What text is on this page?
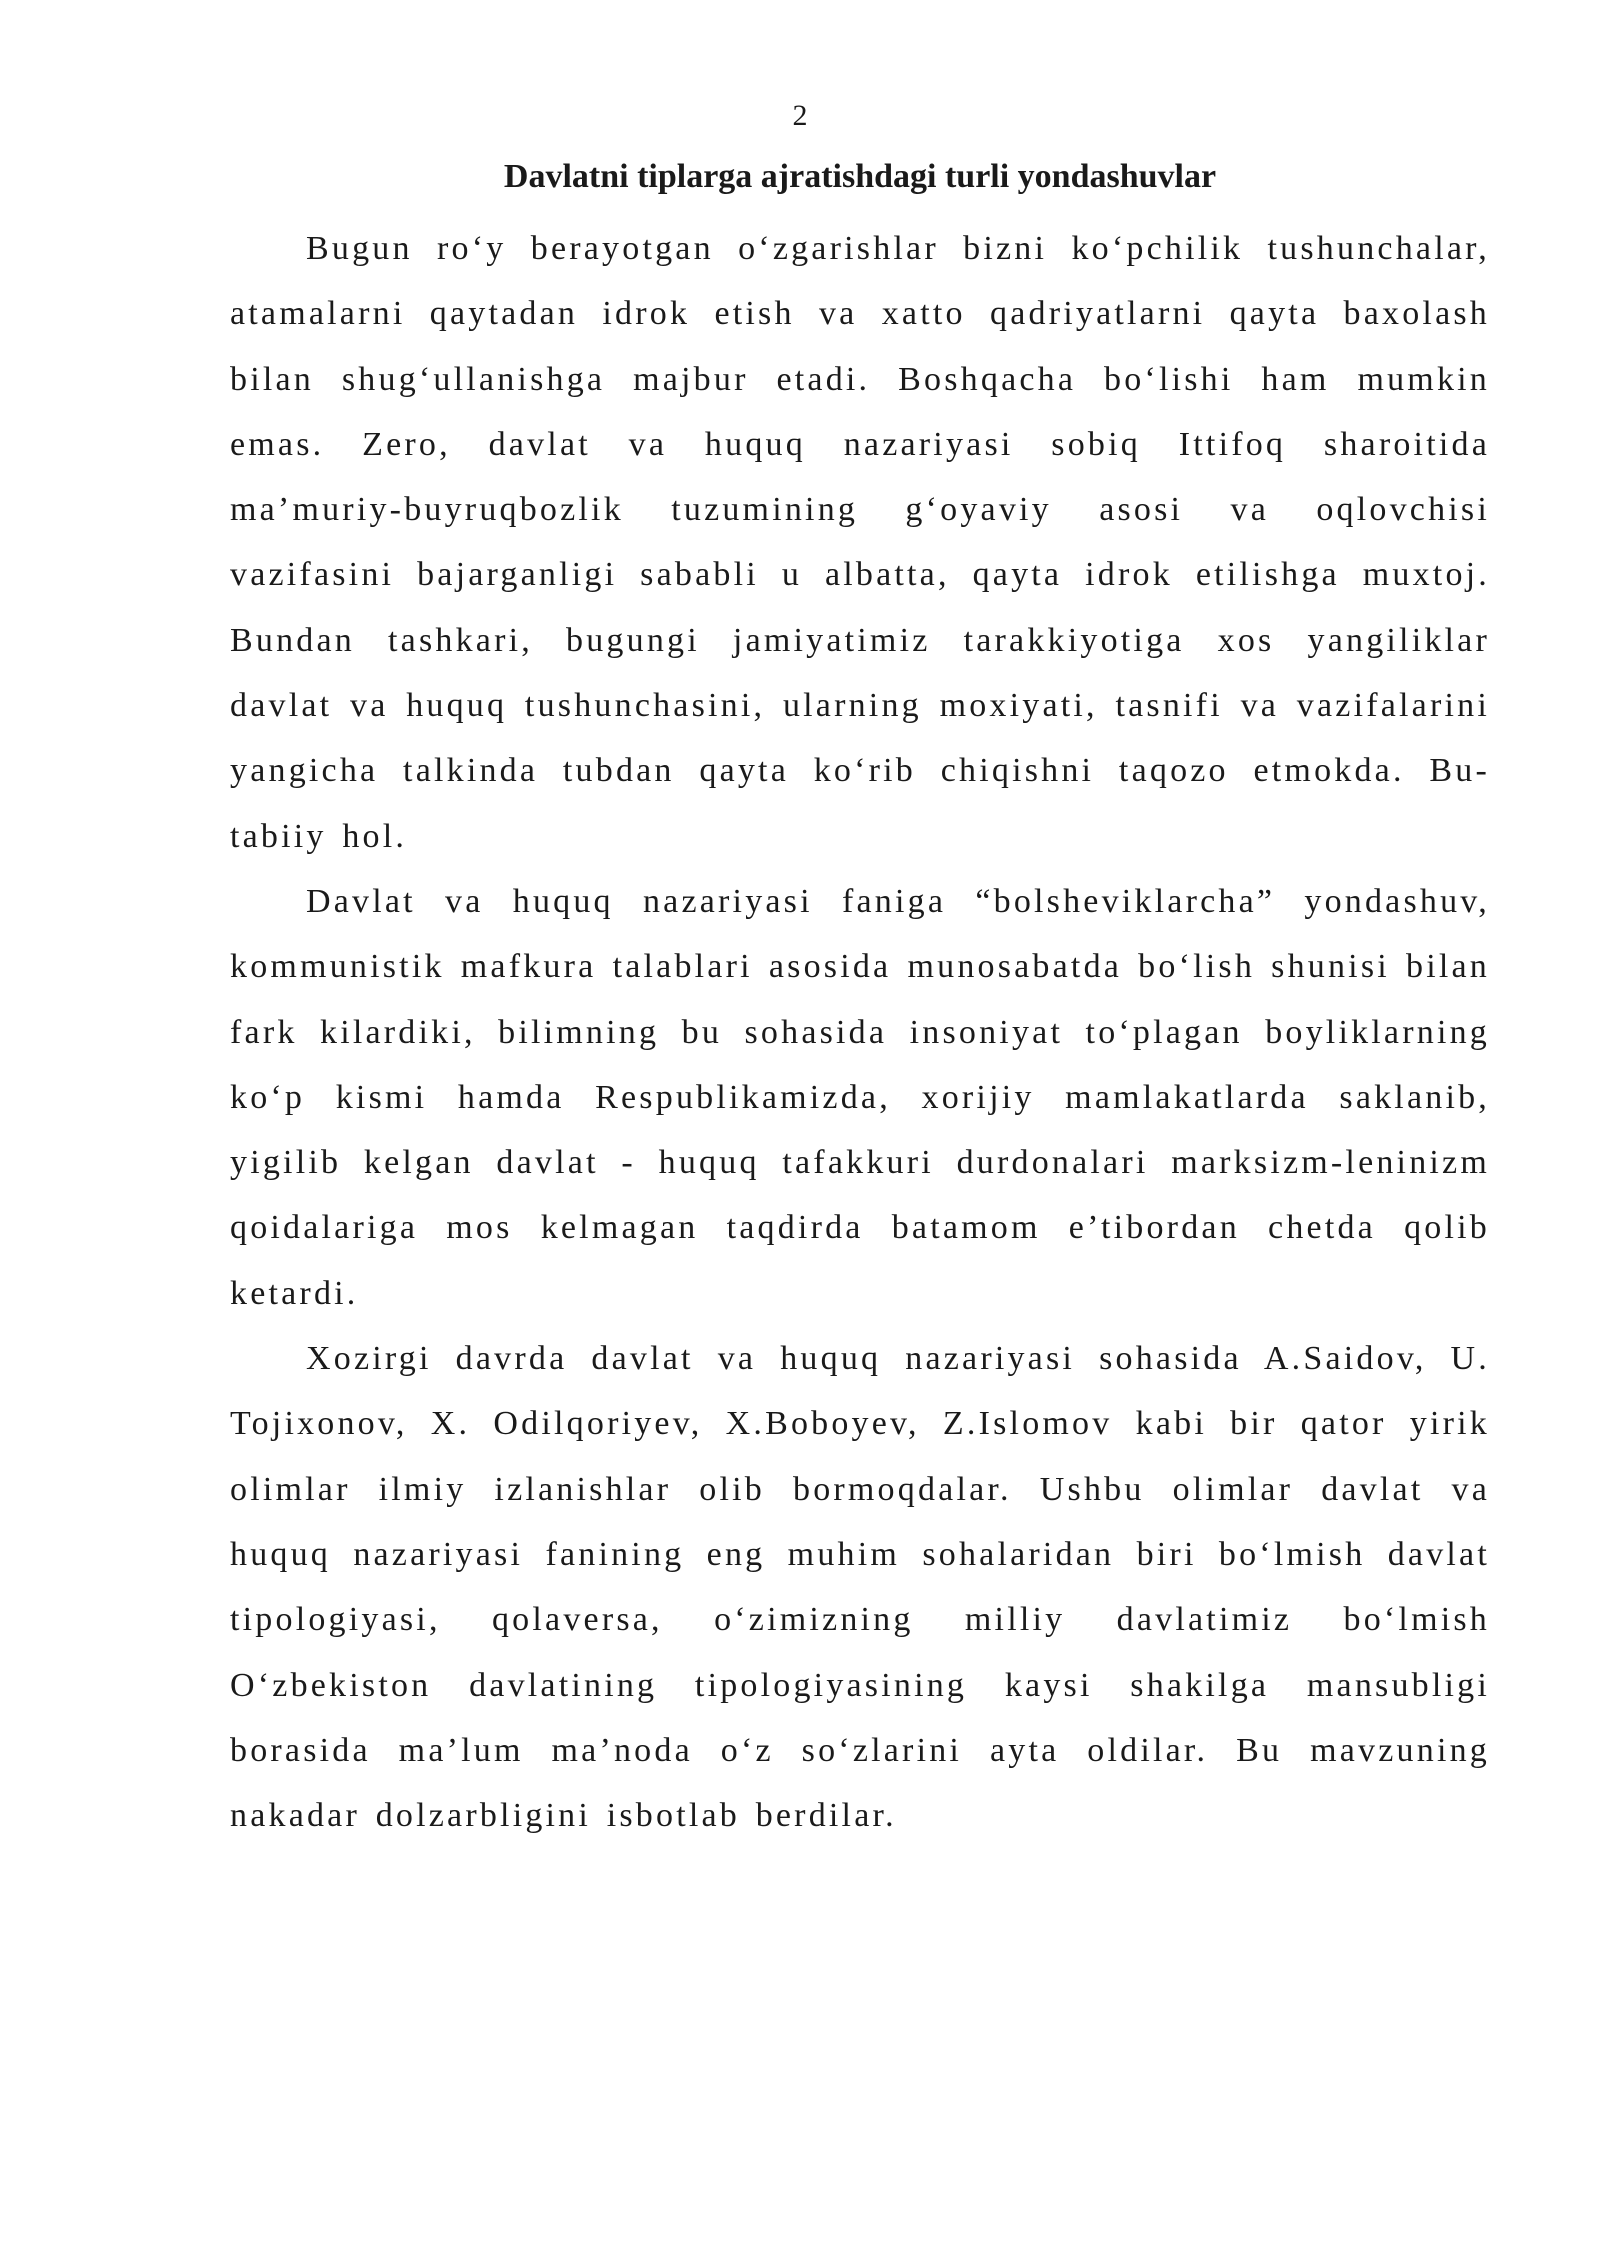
2
Davlatni tiplarga ajratishdagi turli yondashuvlar

Bugun ro‘y berayotgan o‘zgarishlar bizni ko‘pchilik tushunchalar, atamalarni qaytadan idrok etish va xatto qadriyatlarni qayta baxolash bilan shug‘ullanishga majbur etadi. Boshqacha bo‘lishi ham mumkin emas. Zero, davlat va huquq nazariyasi sobiq Ittifoq sharoitida ma’muriy-buyruqbozlik tuzumining g‘oyaviy asosi va oqlovchisi vazifasini bajarganligi sababli u albatta, qayta idrok etilishga muxtoj. Bundan tashkari, bugungi jamiyatimiz tarakkiyotiga xos yangiliklar davlat va huquq tushunchasini, ularning moxiyati, tasnifi va vazifalarini yangicha talkinda tubdan qayta ko‘rib chiqishni taqozo etmokda. Bu- tabiiy hol.

Davlat va huquq nazariyasi faniga “bolsheviklarcha” yondashuv, kommunistik mafkura talablari asosida munosabatda bo‘lish shunisi bilan fark kilardiki, bilimning bu sohasida insoniyat to‘plagan boyliklarning ko‘p kismi hamda Respublikamizda, xorijiy mamlakatlarda saklanib, yigilib kelgan davlat - huquq tafakkuri durdonalari marksizm-leninizm qoidalariga mos kelmagan taqdirda batamom e’tibordan chetda qolib ketardi.

Xozirgi davrda davlat va huquq nazariyasi sohasida A.Saidov, U. Tojixonov, X. Odilqoriyev, X.Boboyev, Z.Islomov kabi bir qator yirik olimlar ilmiy izlanishlar olib bormoqdalar. Ushbu olimlar davlat va huquq nazariyasi fanining eng muhim sohalaridan biri bo‘lmish davlat tipologiyasi, qolaversa, o‘zimizning milliy davlatimiz bo‘lmish O‘zbekiston davlatining tipologiyasining kaysi shakilga mansubligi borasida ma’lum ma’noda o‘z so‘zlarini ayta oldilar. Bu mavzuning nakadar dolzarbligini isbotlab berdilar.
